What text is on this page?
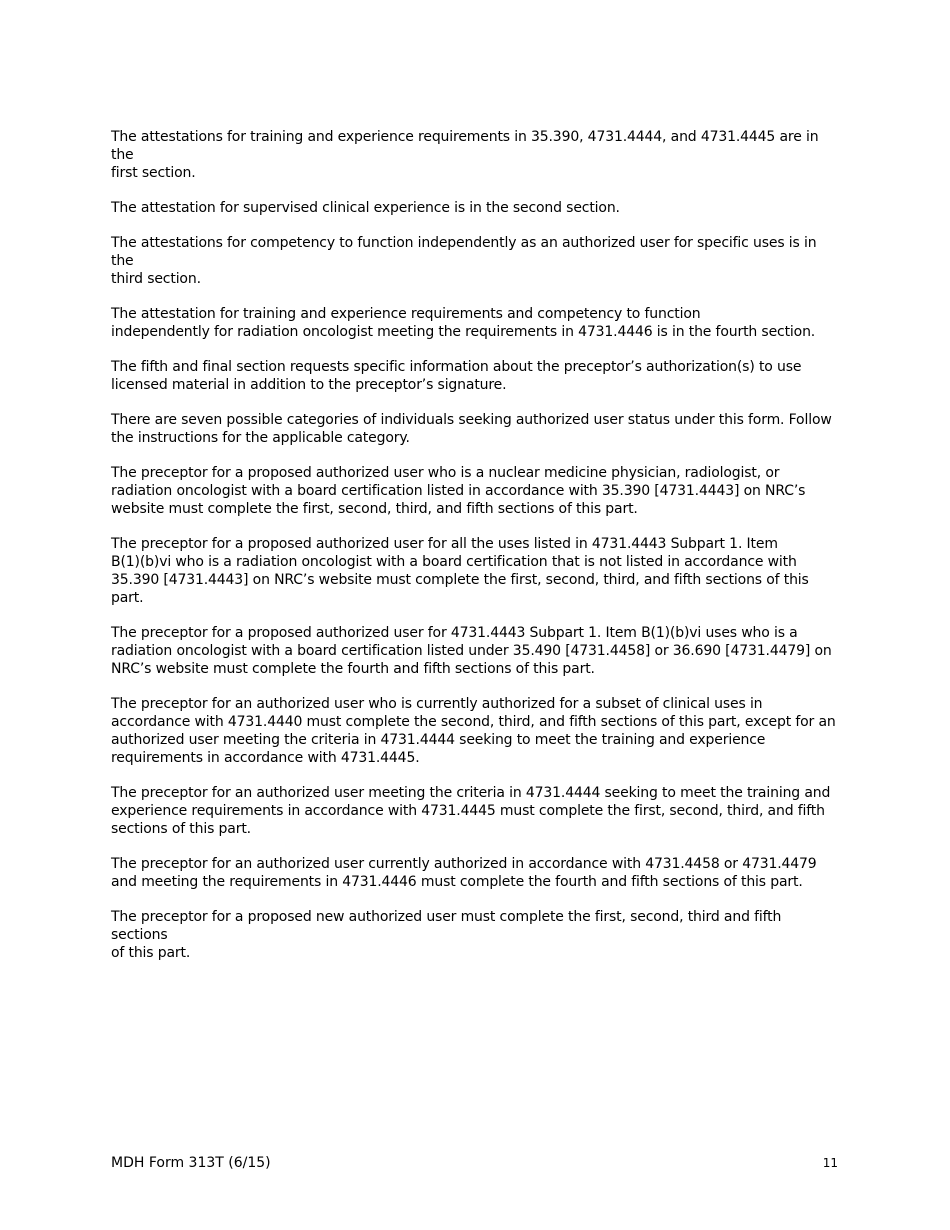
The attestations for training and experience requirements in 35.390, 4731.4444, and 4731.4445 are in the
first section.

The attestation for supervised clinical experience is in the second section.

The attestations for competency to function independently as an authorized user for specific uses is in the
third section.

The attestation for training and experience requirements and competency to function
independently for radiation oncologist meeting the requirements in 4731.4446 is in the fourth section.

The fifth and final section requests specific information about the preceptor’s authorization(s) to use
licensed material in addition to the preceptor’s signature.

There are seven possible categories of individuals seeking authorized user status under this form. Follow
the instructions for the applicable category.

The preceptor for a proposed authorized user who is a nuclear medicine physician, radiologist, or
radiation oncologist with a board certification listed in accordance with 35.390 [4731.4443] on NRC’s
website must complete the first, second, third, and fifth sections of this part.

The preceptor for a proposed authorized user for all the uses listed in 4731.4443 Subpart 1. Item
B(1)(b)vi who is a radiation oncologist with a board certification that is not listed in accordance with
35.390 [4731.4443] on NRC’s website must complete the first, second, third, and fifth sections of this part.

The preceptor for a proposed authorized user for 4731.4443 Subpart 1. Item B(1)(b)vi uses who is a
radiation oncologist with a board certification listed under 35.490 [4731.4458] or 36.690 [4731.4479] on
NRC’s website must complete the fourth and fifth sections of this part.

The preceptor for an authorized user who is currently authorized for a subset of clinical uses in
accordance with 4731.4440 must complete the second, third, and fifth sections of this part, except for an
authorized user meeting the criteria in 4731.4444 seeking to meet the training and experience
requirements in accordance with 4731.4445.

The preceptor for an authorized user meeting the criteria in 4731.4444 seeking to meet the training and
experience requirements in accordance with 4731.4445 must complete the first, second, third, and fifth
sections of this part.

The preceptor for an authorized user currently authorized in accordance with 4731.4458 or 4731.4479
and meeting the requirements in 4731.4446 must complete the fourth and fifth sections of this part.

The preceptor for a proposed new authorized user must complete the first, second, third and fifth sections
of this part.

MDH Form 313T (6/15)	11
